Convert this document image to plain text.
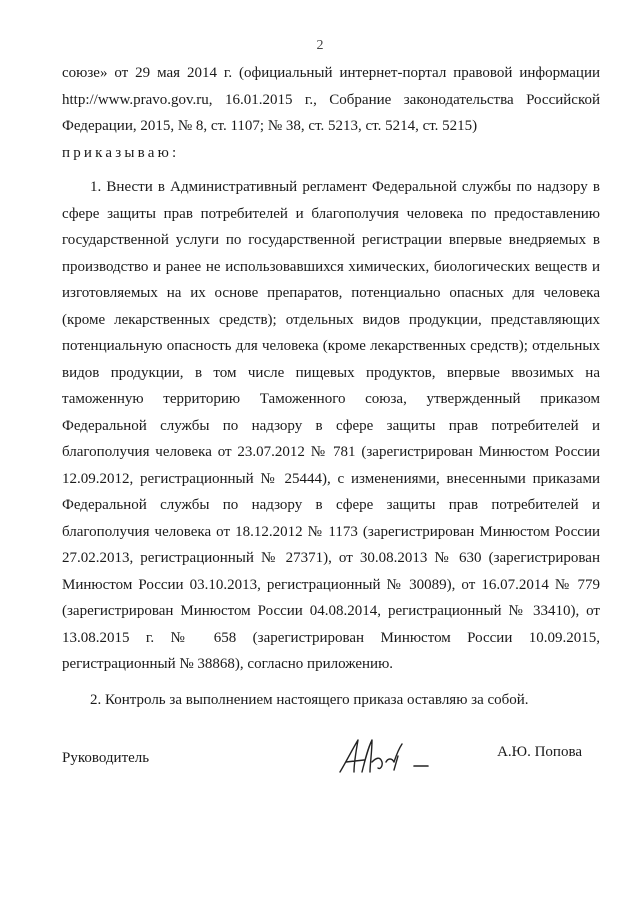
2

союзе» от 29 мая 2014 г. (официальный интернет-портал правовой информации http://www.pravo.gov.ru, 16.01.2015 г., Собрание законодательства Российской Федерации, 2015, № 8, ст. 1107; № 38, ст. 5213, ст. 5214, ст. 5215)

приказываю:

1. Внести в Административный регламент Федеральной службы по надзору в сфере защиты прав потребителей и благополучия человека по предоставлению государственной услуги по государственной регистрации впервые внедряемых в производство и ранее не использовавшихся химических, биологических веществ и изготовляемых на их основе препаратов, потенциально опасных для человека (кроме лекарственных средств); отдельных видов продукции, представляющих потенциальную опасность для человека (кроме лекарственных средств); отдельных видов продукции, в том числе пищевых продуктов, впервые ввозимых на таможенную территорию Таможенного союза, утвержденный приказом Федеральной службы по надзору в сфере защиты прав потребителей и благополучия человека от 23.07.2012 № 781 (зарегистрирован Минюстом России 12.09.2012, регистрационный № 25444), с изменениями, внесенными приказами Федеральной службы по надзору в сфере защиты прав потребителей и благополучия человека от 18.12.2012 № 1173 (зарегистрирован Минюстом России 27.02.2013, регистрационный № 27371), от 30.08.2013 № 630 (зарегистрирован Минюстом России 03.10.2013, регистрационный № 30089), от 16.07.2014 № 779 (зарегистрирован Минюстом России 04.08.2014, регистрационный № 33410), от 13.08.2015 г. № 658 (зарегистрирован Минюстом России 10.09.2015, регистрационный № 38868), согласно приложению.

2. Контроль за выполнением настоящего приказа оставляю за собой.

Руководитель	А.Ю. Попова
